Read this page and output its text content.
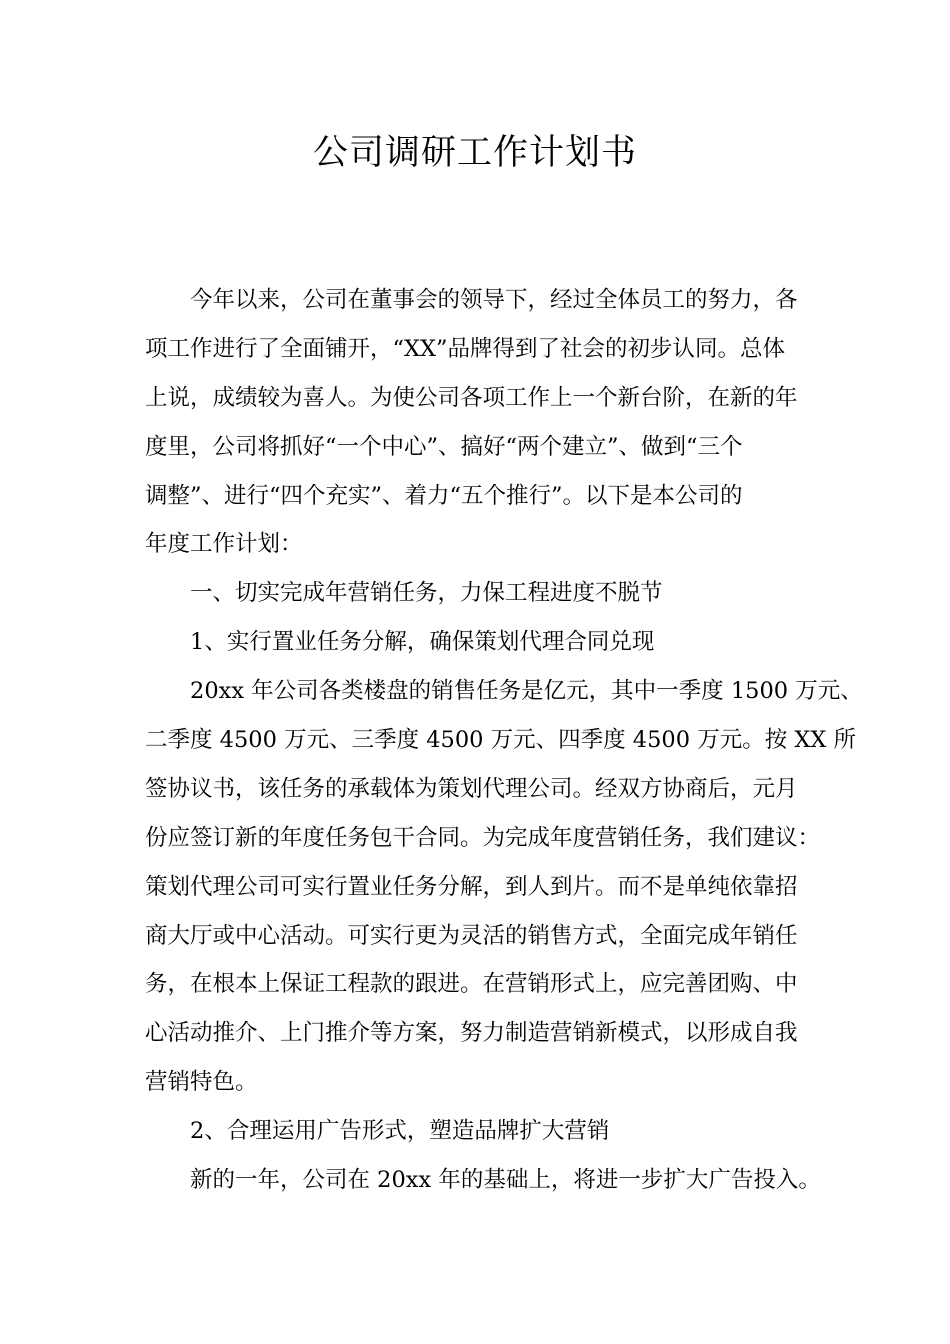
公司调研工作计划书
今年以来，公司在董事会的领导下，经过全体员工的努力，各
项工作进行了全面铺开，“XX”品牌得到了社会的初步认同。总体
上说，成绩较为喜人。为使公司各项工作上一个新台阶，在新的年
度里，公司将抓好“一个中心”、搞好“两个建立”、做到“三个
调整”、进行“四个充实”、着力“五个推行”。以下是本公司的
年度工作计划：
一、切实完成年营销任务，力保工程进度不脱节
1、实行置业任务分解，确保策划代理合同兑现
20xx 年公司各类楼盘的销售任务是亿元，其中一季度 1500 万元、
二季度 4500 万元、三季度 4500 万元、四季度 4500 万元。按 XX 所
签协议书，该任务的承载体为策划代理公司。经双方协商后，元月
份应签订新的年度任务包干合同。为完成年度营销任务，我们建议：
策划代理公司可实行置业任务分解，到人到片。而不是单纯依靠招
商大厅或中心活动。可实行更为灵活的销售方式，全面完成年销任
务，在根本上保证工程款的跟进。在营销形式上，应完善团购、中
心活动推介、上门推介等方案，努力制造营销新模式，以形成自我
营销特色。
2、合理运用广告形式，塑造品牌扩大营销
新的一年，公司在 20xx 年的基础上，将进一步扩大广告投入。
